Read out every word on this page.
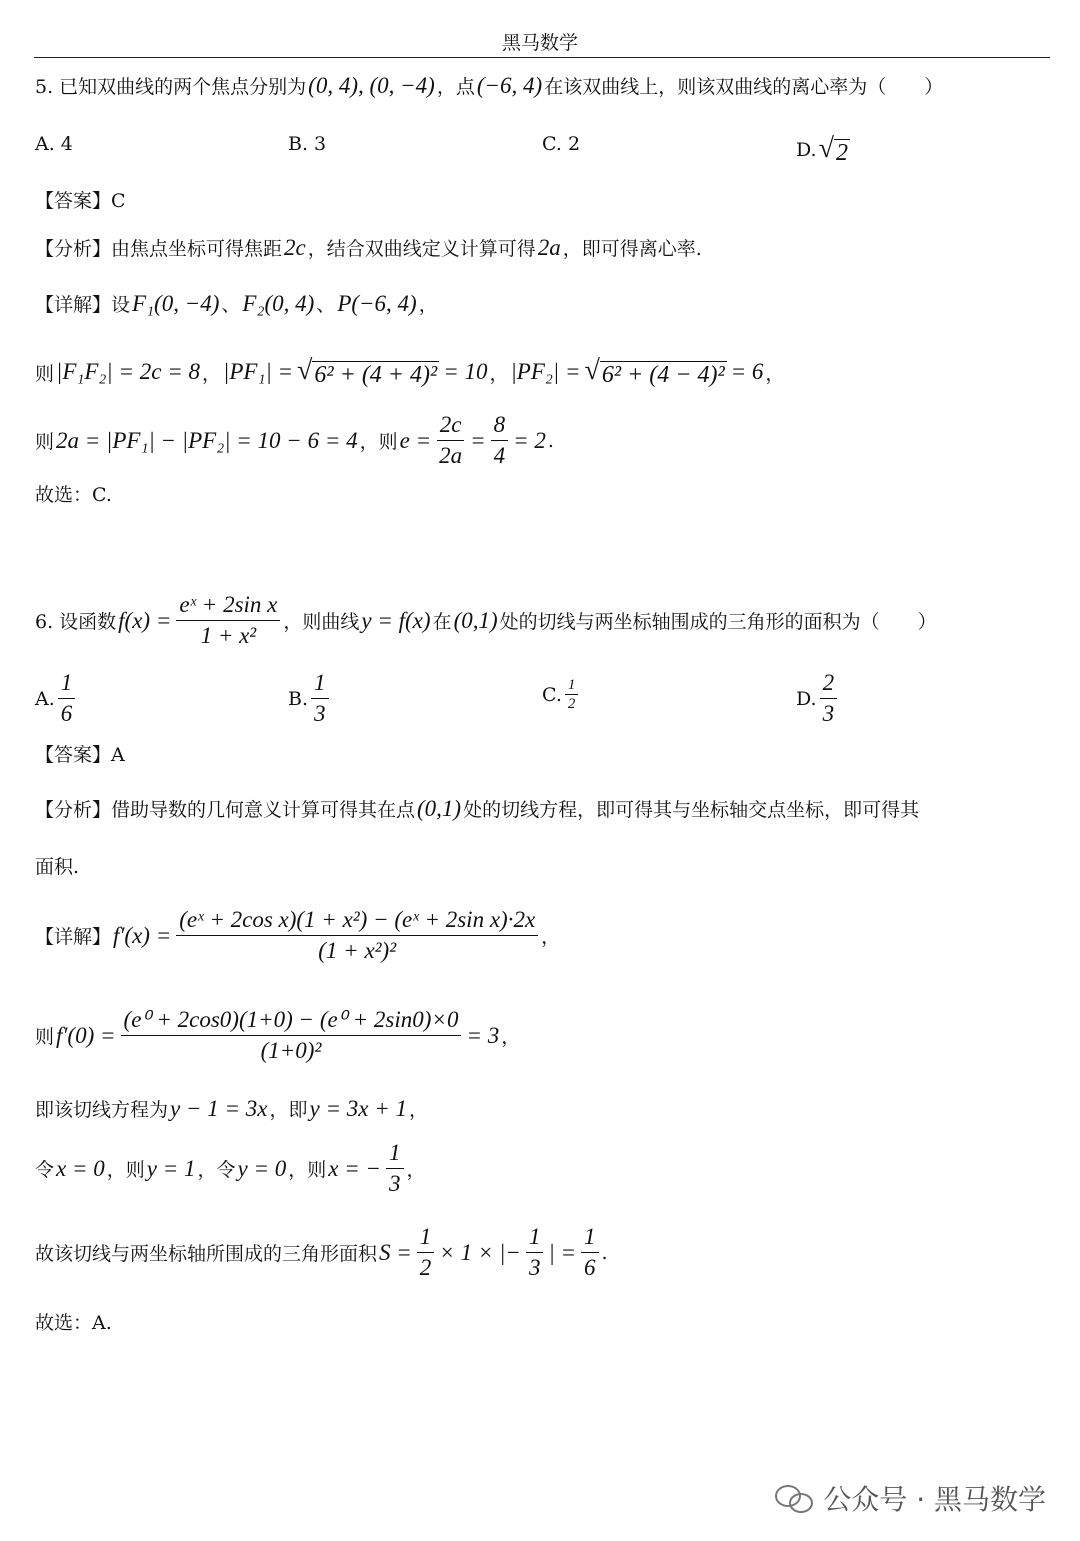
黑马数学
5. 已知双曲线的两个焦点分别为 (0, 4), (0, −4) ，点 (−6, 4) 在该双曲线上，则该双曲线的离心率为（　　）
【答案】C
【分析】由焦点坐标可得焦距 2c ，结合双曲线定义计算可得 2a ，即可得离心率.
【详解】设 F₁(0, −4) 、 F₂(0, 4) 、 P(−6, 4) ，
则 |F₁F₂| = 2c = 8 ， |PF₁| = √ 6² + (4 + 4)² = 10 ， |PF₂| = √ 6² + (4 − 4)² = 6 ，
则 2a = |PF₁| − |PF₂| = 10 − 6 = 4 ，则 $e = \frac{2c}{2a} = \frac{8}{4} = 2$ .
故选：C.
6. 设函数 $f(x) = \frac{\text{eˣ + 2sin x}}{\text{1 + x²}}$ ，则曲线 y = f(x) 在 (0,1) 处的切线与两坐标轴围成的三角形的面积为（　　）
【答案】A
【分析】借助导数的几何意义计算可得其在点 (0,1) 处的切线方程，即可得其与坐标轴交点坐标，即可得其
面积.
【详解】 $f'(x) = \frac{\text{(eˣ + 2cos x)(1 + x²) − (eˣ + 2sin x)·2x}}{\text{(1 + x²)²}}$ ，
则 $f'(0) = \frac{\text{(e⁰ + 2cos0)(1+0) − (e⁰ + 2sin0)×0}}{\text{(1+0)²}} = 3$ ，
即该切线方程为 y − 1 = 3x ，即 y = 3x + 1 ，
令 x = 0 ，则 y = 1 ，令 y = 0 ，则 x = − $\frac{1}{3}$ ，
故该切线与两坐标轴所围成的三角形面积 $S = \frac{1}{2} \times 1$ × |− $\frac{1}{3}$ | = $\frac{1}{6}$ .
故选：A.
A. 4	B. 3	C. 2	D. √ 2
A. $\frac{1}{6}$	B. $\frac{1}{3}$	C. $\frac{1}{2}$	D. $\frac{2}{3}$
公众号 · 黑马数学
